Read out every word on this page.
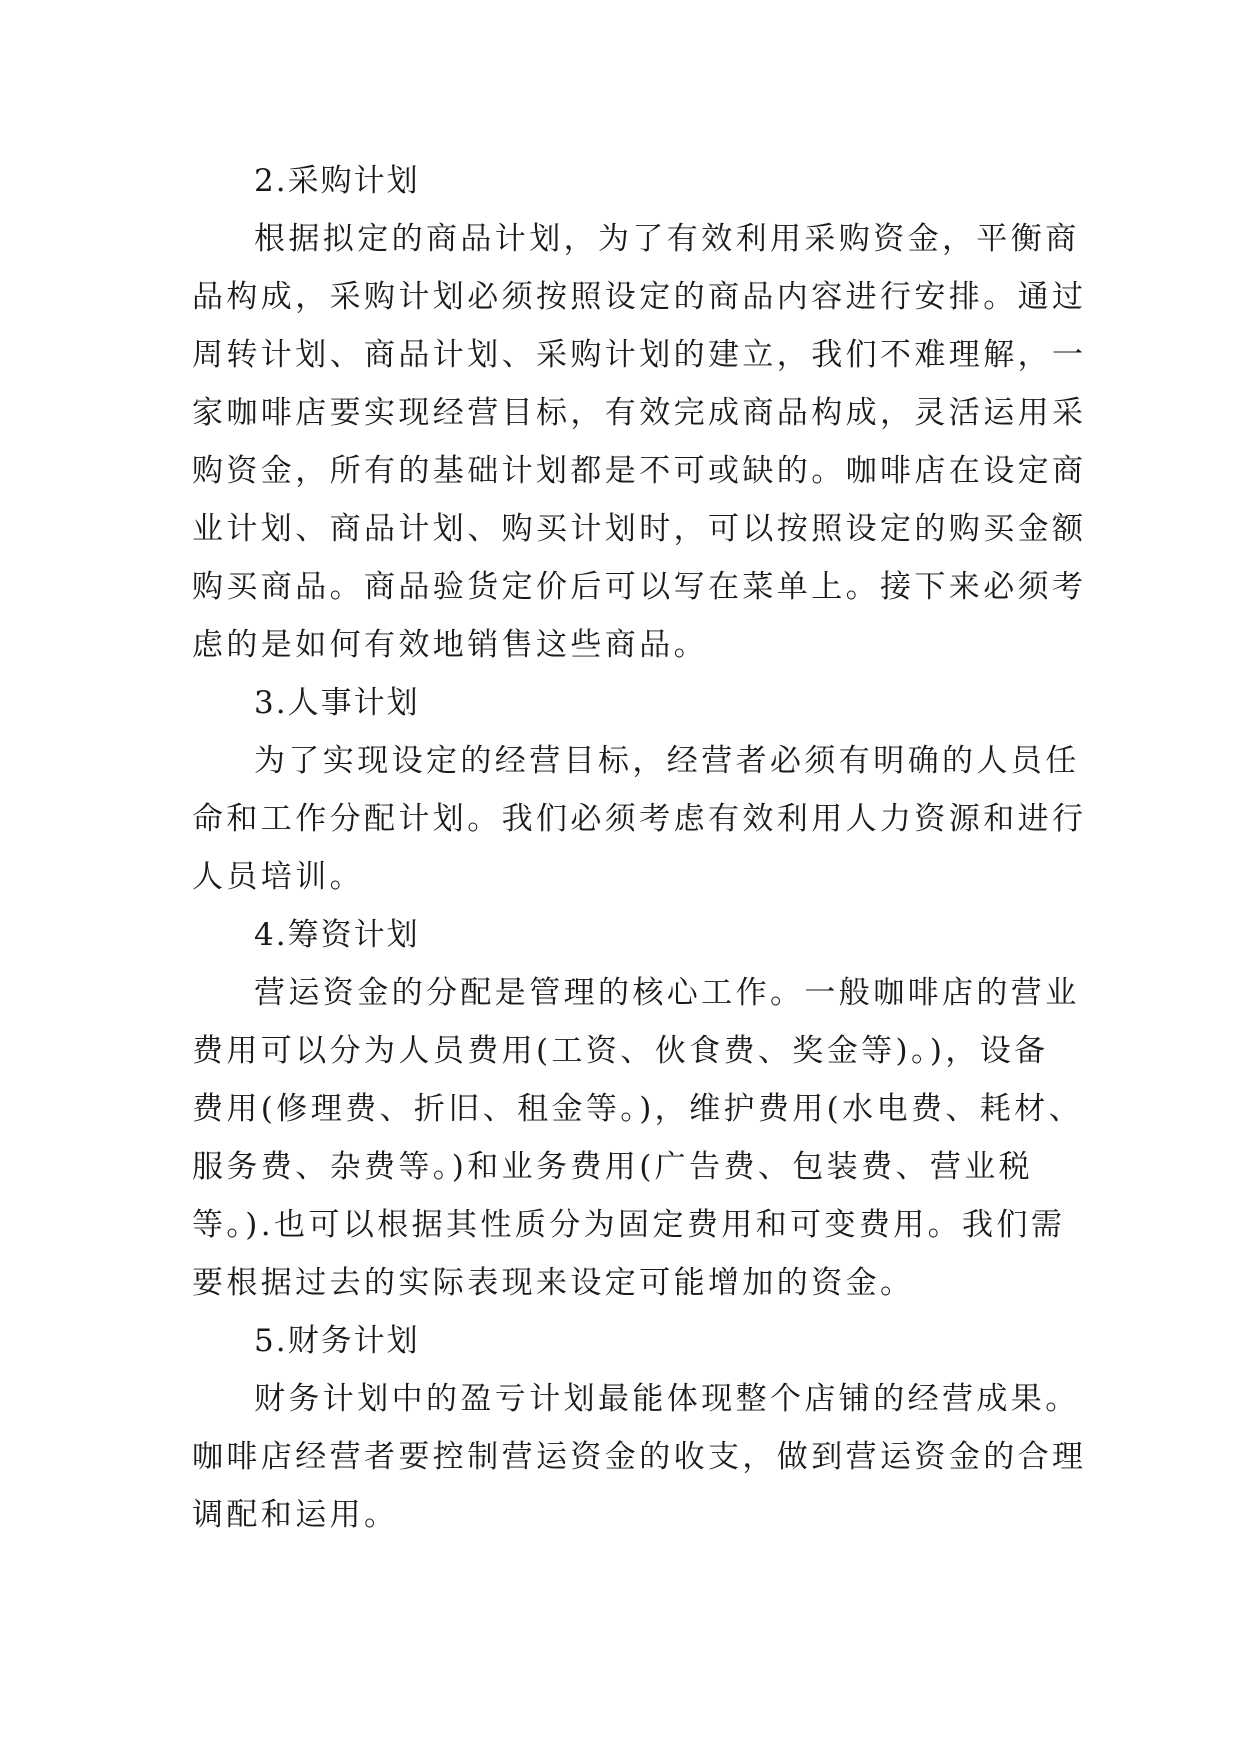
2.采购计划
根据拟定的商品计划，为了有效利用采购资金，平衡商
品构成，采购计划必须按照设定的商品内容进行安排。通过
周转计划、商品计划、采购计划的建立，我们不难理解，一
家咖啡店要实现经营目标，有效完成商品构成，灵活运用采
购资金，所有的基础计划都是不可或缺的。咖啡店在设定商
业计划、商品计划、购买计划时，可以按照设定的购买金额
购买商品。商品验货定价后可以写在菜单上。接下来必须考
虑的是如何有效地销售这些商品。
3.人事计划
为了实现设定的经营目标，经营者必须有明确的人员任
命和工作分配计划。我们必须考虑有效利用人力资源和进行
人员培训。
4.筹资计划
营运资金的分配是管理的核心工作。一般咖啡店的营业
费用可以分为人员费用(工资、伙食费、奖金等)。)，设备
费用(修理费、折旧、租金等。)，维护费用(水电费、耗材、
服务费、杂费等。)和业务费用(广告费、包装费、营业税
等。).也可以根据其性质分为固定费用和可变费用。我们需
要根据过去的实际表现来设定可能增加的资金。
5.财务计划
财务计划中的盈亏计划最能体现整个店铺的经营成果。
咖啡店经营者要控制营运资金的收支，做到营运资金的合理
调配和运用。
